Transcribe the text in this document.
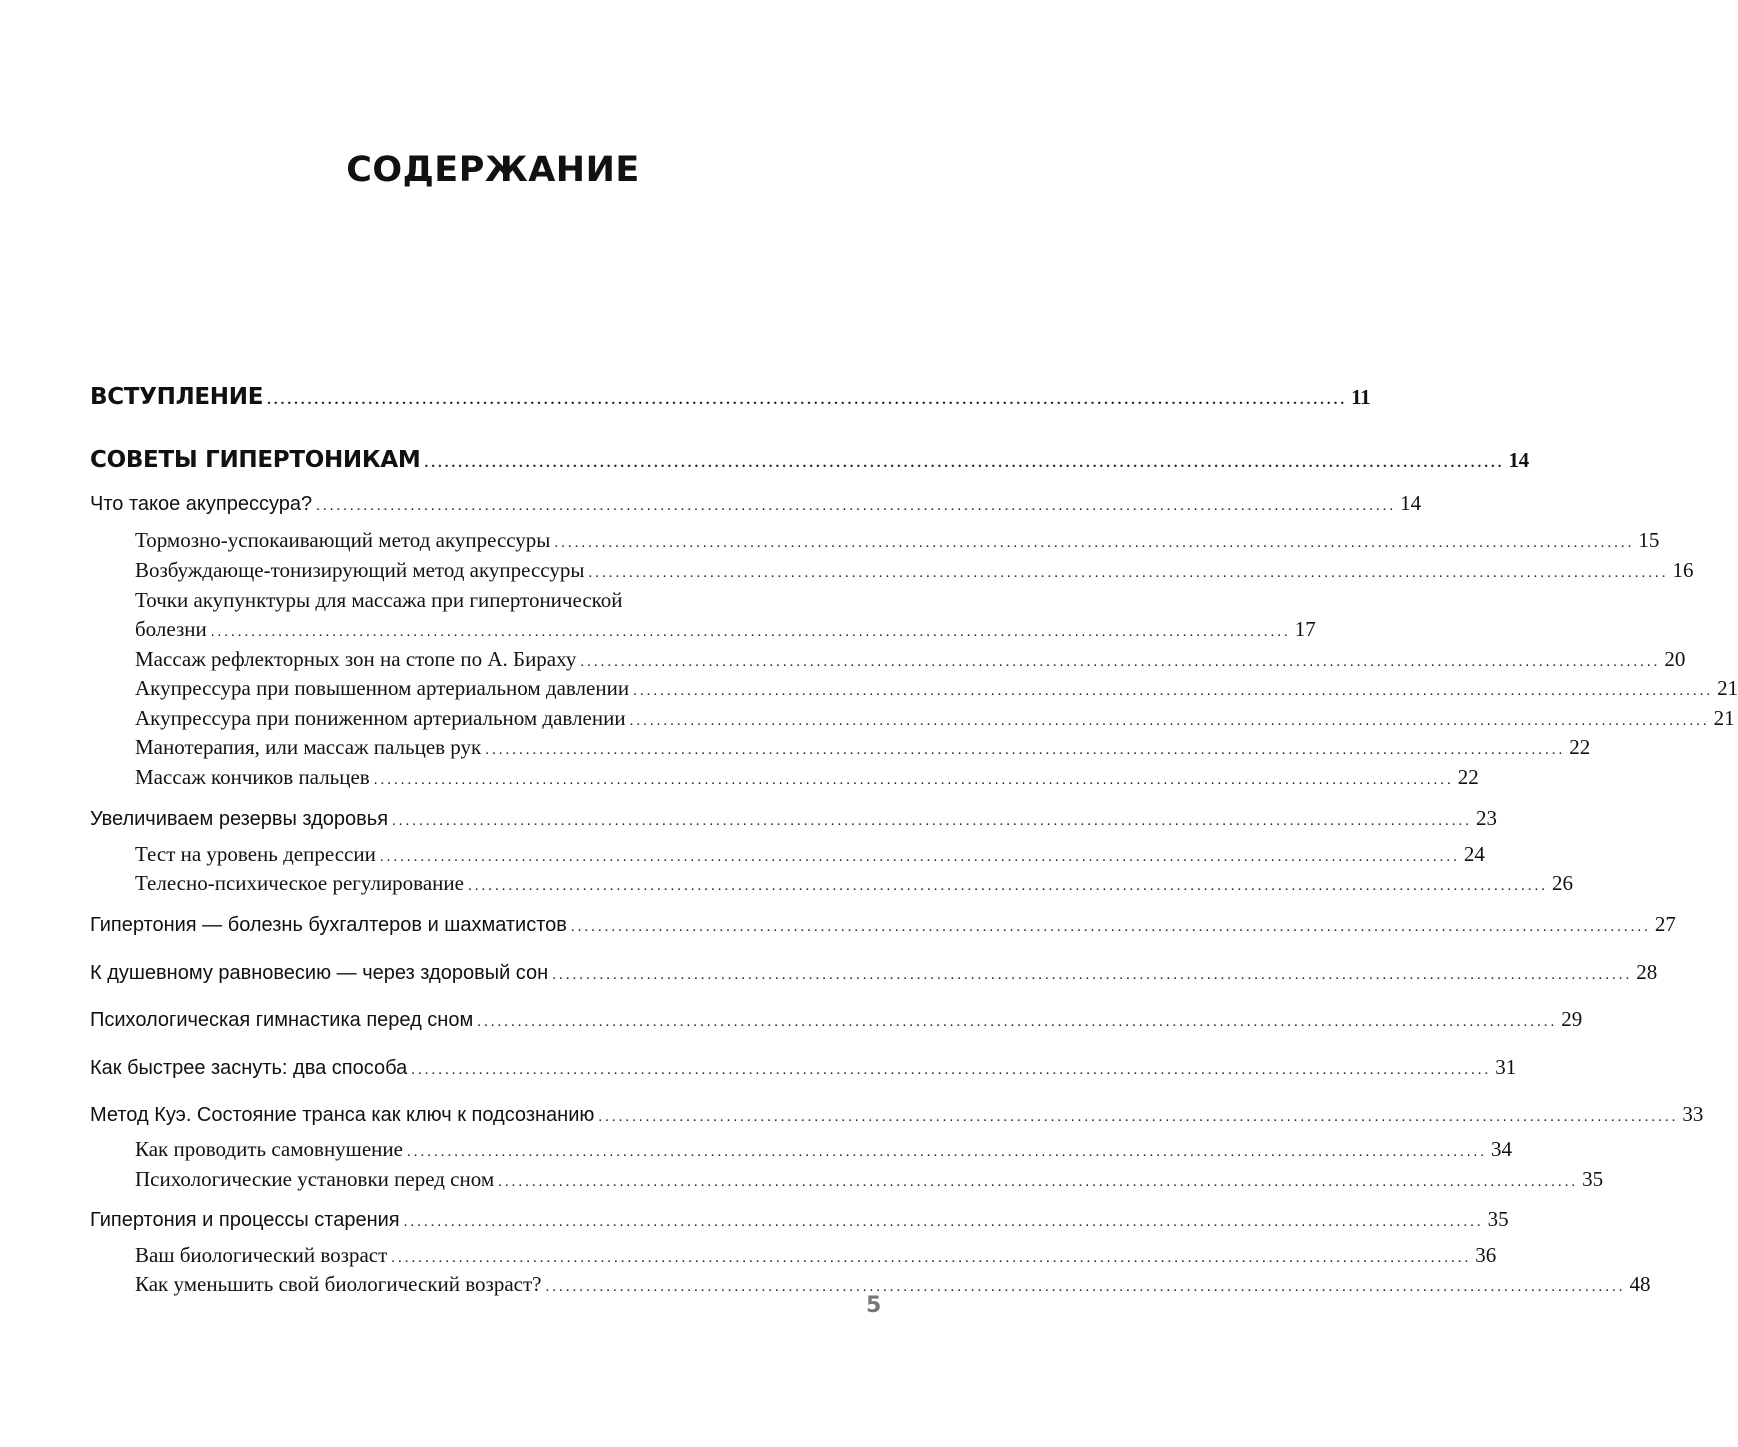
СОДЕРЖАНИЕ
ВСТУПЛЕНИЕ ................................................................................................................................................................ 11
СОВЕТЫ ГИПЕРТОНИКАМ ................................................................................................................................................................ 14
Что такое акупрессура? ................................................................................................................................................................ 14
Тормозно-успокаивающий метод акупрессуры ................................................................................................................................................................ 15
Возбуждающе-тонизирующий метод акупрессуры ................................................................................................................................................................ 16
Точки акупунктуры для массажа при гипертонической
болезни ................................................................................................................................................................ 17
Массаж рефлекторных зон на стопе по А. Бираху ................................................................................................................................................................ 20
Акупрессура при повышенном артериальном давлении ................................................................................................................................................................ 21
Акупрессура при пониженном артериальном давлении ................................................................................................................................................................ 21
Манотерапия, или массаж пальцев рук ................................................................................................................................................................ 22
Массаж кончиков пальцев ................................................................................................................................................................ 22
Увеличиваем резервы здоровья ................................................................................................................................................................ 23
Тест на уровень депрессии ................................................................................................................................................................ 24
Телесно-психическое регулирование ................................................................................................................................................................ 26
Гипертония — болезнь бухгалтеров и шахматистов ................................................................................................................................................................ 27
К душевному равновесию — через здоровый сон ................................................................................................................................................................ 28
Психологическая гимнастика перед сном ................................................................................................................................................................ 29
Как быстрее заснуть: два способа ................................................................................................................................................................ 31
Метод Куэ. Состояние транса как ключ к подсознанию ................................................................................................................................................................ 33
Как проводить самовнушение ................................................................................................................................................................ 34
Психологические установки перед сном ................................................................................................................................................................ 35
Гипертония и процессы старения ................................................................................................................................................................ 35
Ваш биологический возраст ................................................................................................................................................................ 36
Как уменьшить свой биологический возраст? ................................................................................................................................................................ 48
5
